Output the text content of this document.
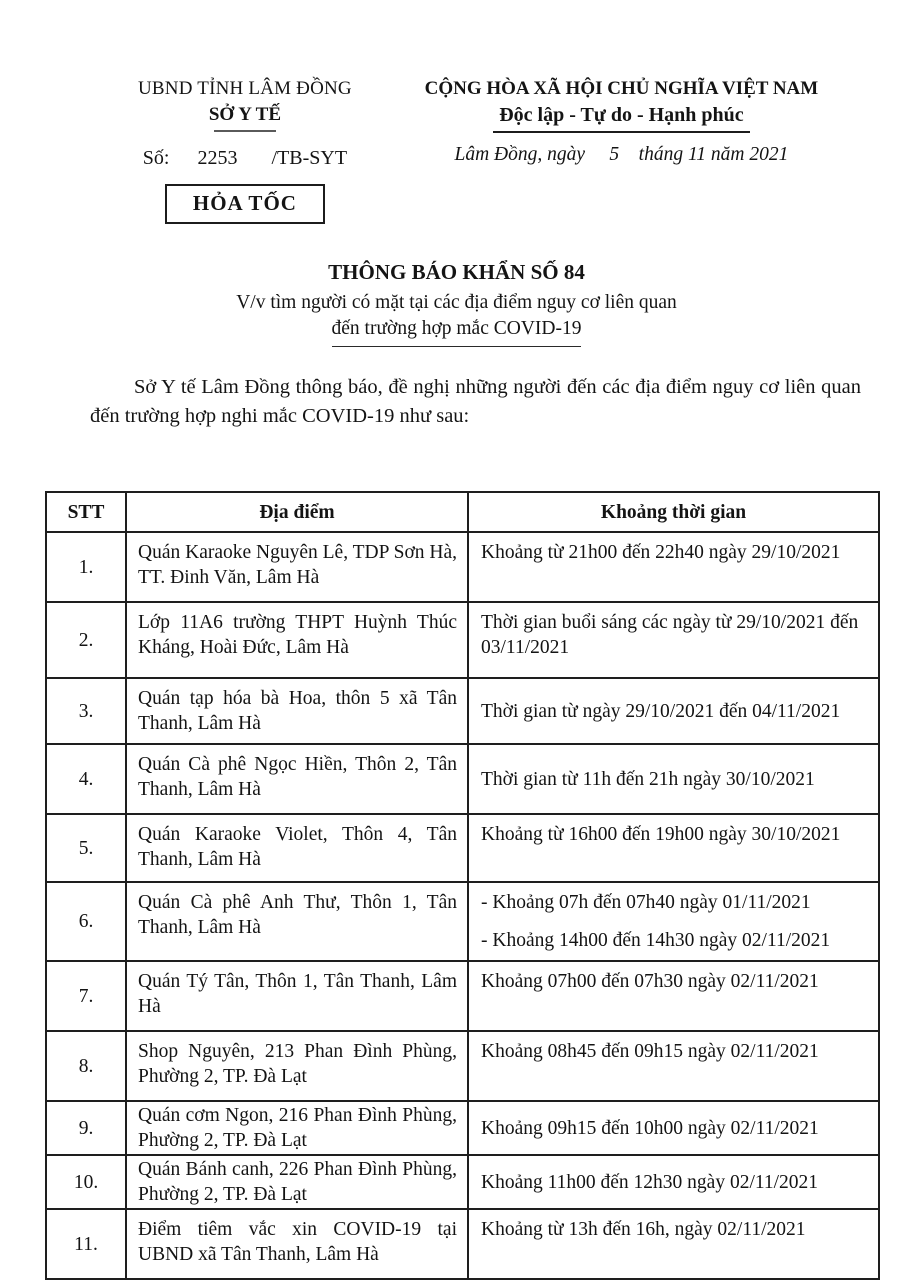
UBND TỈNH LÂM ĐỒNG
SỞ Y TẾ
Số: 2253 /TB-SYT
HỎA TỐC
CỘNG HÒA XÃ HỘI CHỦ NGHĨA VIỆT NAM
Độc lập - Tự do - Hạnh phúc
Lâm Đồng, ngày     5    tháng 11 năm 2021
THÔNG BÁO KHẨN SỐ 84
V/v tìm người có mặt tại các địa điểm nguy cơ liên quan
đến trường hợp mắc COVID-19

Sở Y tế Lâm Đồng thông báo, đề nghị những người đến các địa điểm nguy cơ liên quan đến trường hợp nghi mắc COVID-19 như sau:

STT	Địa điểm	Khoảng thời gian
1.	Quán Karaoke Nguyên Lê, TDP Sơn Hà, TT. Đinh Văn, Lâm Hà	Khoảng từ 21h00 đến 22h40 ngày 29/10/2021

2.	Lớp 11A6 trường THPT Huỳnh Thúc Kháng, Hoài Đức, Lâm Hà	Thời gian buổi sáng các ngày từ 29/10/2021 đến 03/11/2021

3.	Quán tạp hóa bà Hoa, thôn 5 xã Tân Thanh, Lâm Hà	Thời gian từ ngày 29/10/2021 đến 04/11/2021

4.	Quán Cà phê Ngọc Hiền, Thôn 2, Tân Thanh, Lâm Hà	Thời gian từ 11h đến 21h ngày 30/10/2021

5.	Quán Karaoke Violet, Thôn 4, Tân Thanh, Lâm Hà	Khoảng từ 16h00 đến 19h00 ngày 30/10/2021

6.	Quán Cà phê Anh Thư, Thôn 1, Tân Thanh, Lâm Hà	- Khoảng 07h đến 07h40 ngày 01/11/2021
- Khoảng 14h00 đến 14h30 ngày 02/11/2021

7.	Quán Tý Tân, Thôn 1, Tân Thanh, Lâm Hà	Khoảng 07h00 đến 07h30 ngày 02/11/2021

8.	Shop Nguyên, 213 Phan Đình Phùng, Phường 2, TP. Đà Lạt	Khoảng 08h45 đến 09h15 ngày 02/11/2021

9.	Quán cơm Ngon, 216 Phan Đình Phùng, Phường 2, TP. Đà Lạt	Khoảng 09h15 đến 10h00 ngày 02/11/2021

10.	Quán Bánh canh, 226 Phan Đình Phùng, Phường 2, TP. Đà Lạt	Khoảng 11h00 đến 12h30 ngày 02/11/2021

11.	Điểm tiêm vắc xin COVID-19 tại UBND xã Tân Thanh, Lâm Hà	Khoảng từ 13h đến 16h, ngày 02/11/2021
